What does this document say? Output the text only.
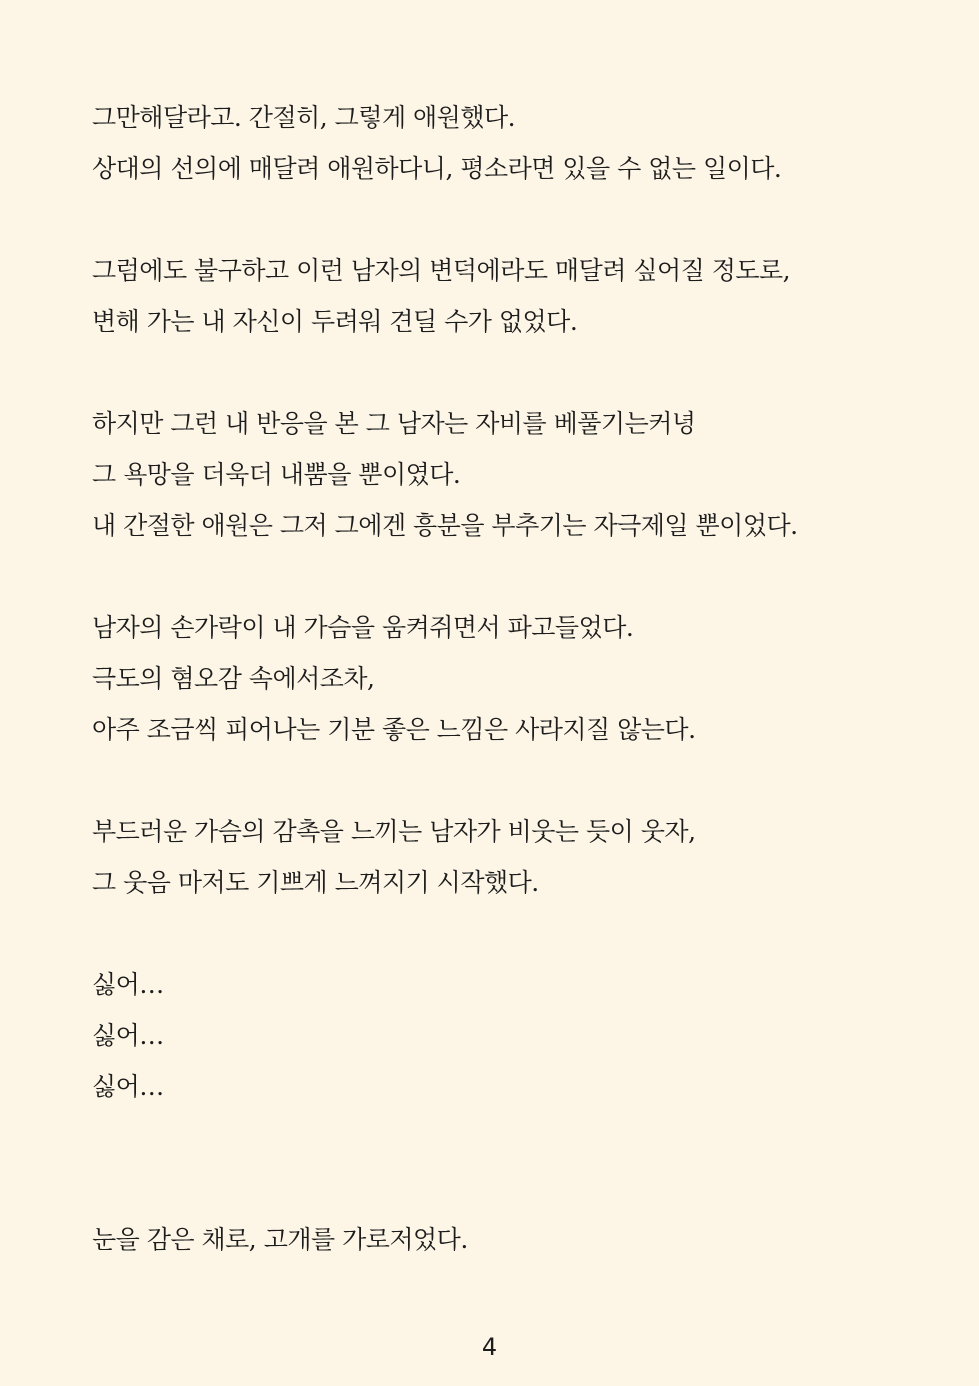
그만해달라고. 간절히, 그렇게 애원했다.
상대의 선의에 매달려 애원하다니, 평소라면 있을 수 없는 일이다.
그럼에도 불구하고 이런 남자의 변덕에라도 매달려 싶어질 정도로,
변해 가는 내 자신이 두려워 견딜 수가 없었다.
하지만 그런 내 반응을 본 그 남자는 자비를 베풀기는커녕
그 욕망을 더욱더 내뿜을 뿐이였다.
내 간절한 애원은 그저 그에겐 흥분을 부추기는 자극제일 뿐이었다.
남자의 손가락이 내 가슴을 움켜쥐면서 파고들었다.
극도의 혐오감 속에서조차,
아주 조금씩 피어나는 기분 좋은 느낌은 사라지질 않는다.
부드러운 가슴의 감촉을 느끼는 남자가 비웃는 듯이 웃자,
그 웃음 마저도 기쁘게 느껴지기 시작했다.
싫어…
싫어…
싫어…
눈을 감은 채로, 고개를 가로저었다.
4
